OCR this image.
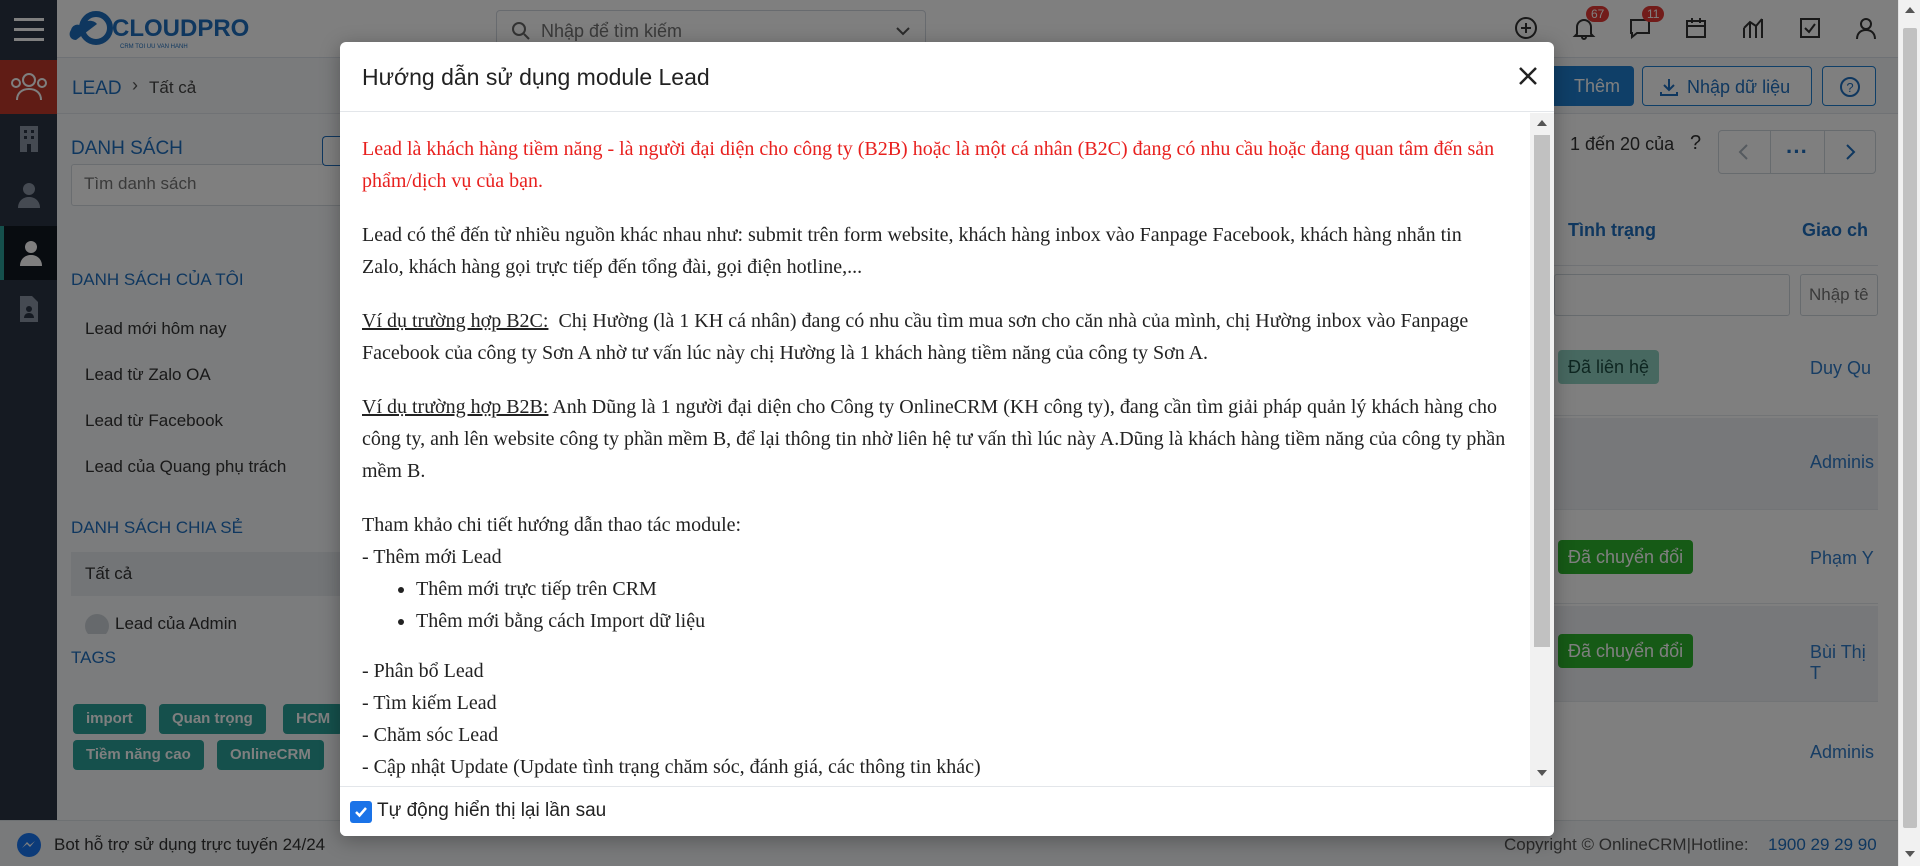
Nhập để tìm kiếm
Tìm danh sách
Nhập tê
Hướng dẫn sử dụng module Lead

Lead là khách hàng tiềm năng - là người đại diện cho công ty (B2B) hoặc là một cá nhân (B2C) đang có nhu cầu hoặc đang quan tâm đến sản phẩm/dịch vụ của bạn.

Lead có thể đến từ nhiều nguồn khác nhau như: submit trên form website, khách hàng inbox vào Fanpage Facebook, khách hàng nhắn tin Zalo, khách hàng gọi trực tiếp đến tổng đài, gọi điện hotline,...

Ví dụ trường hợp B2C: Chị Hường (là 1 KH cá nhân) đang có nhu cầu tìm mua sơn cho căn nhà của mình, chị Hường inbox vào Fanpage Facebook của công ty Sơn A nhờ tư vấn lúc này chị Hường là 1 khách hàng tiềm năng của công ty Sơn A.

Ví dụ trường hợp B2B: Anh Dũng là 1 người đại diện cho Công ty OnlineCRM (KH công ty), đang cần tìm giải pháp quản lý khách hàng cho công ty, anh lên website công ty phần mềm B, để lại thông tin nhờ liên hệ tư vấn thì lúc này A.Dũng là khách hàng tiềm năng của công ty phần mềm B.

Tham khảo chi tiết hướng dẫn thao tác module:
- Thêm mới Lead
• Thêm mới trực tiếp trên CRM
• Thêm mới bằng cách Import dữ liệu
- Phân bổ Lead
- Tìm kiếm Lead
- Chăm sóc Lead
- Cập nhật Update (Update tình trạng chăm sóc, đánh giá, các thông tin khác)
Tự động hiển thị lại lần sau
